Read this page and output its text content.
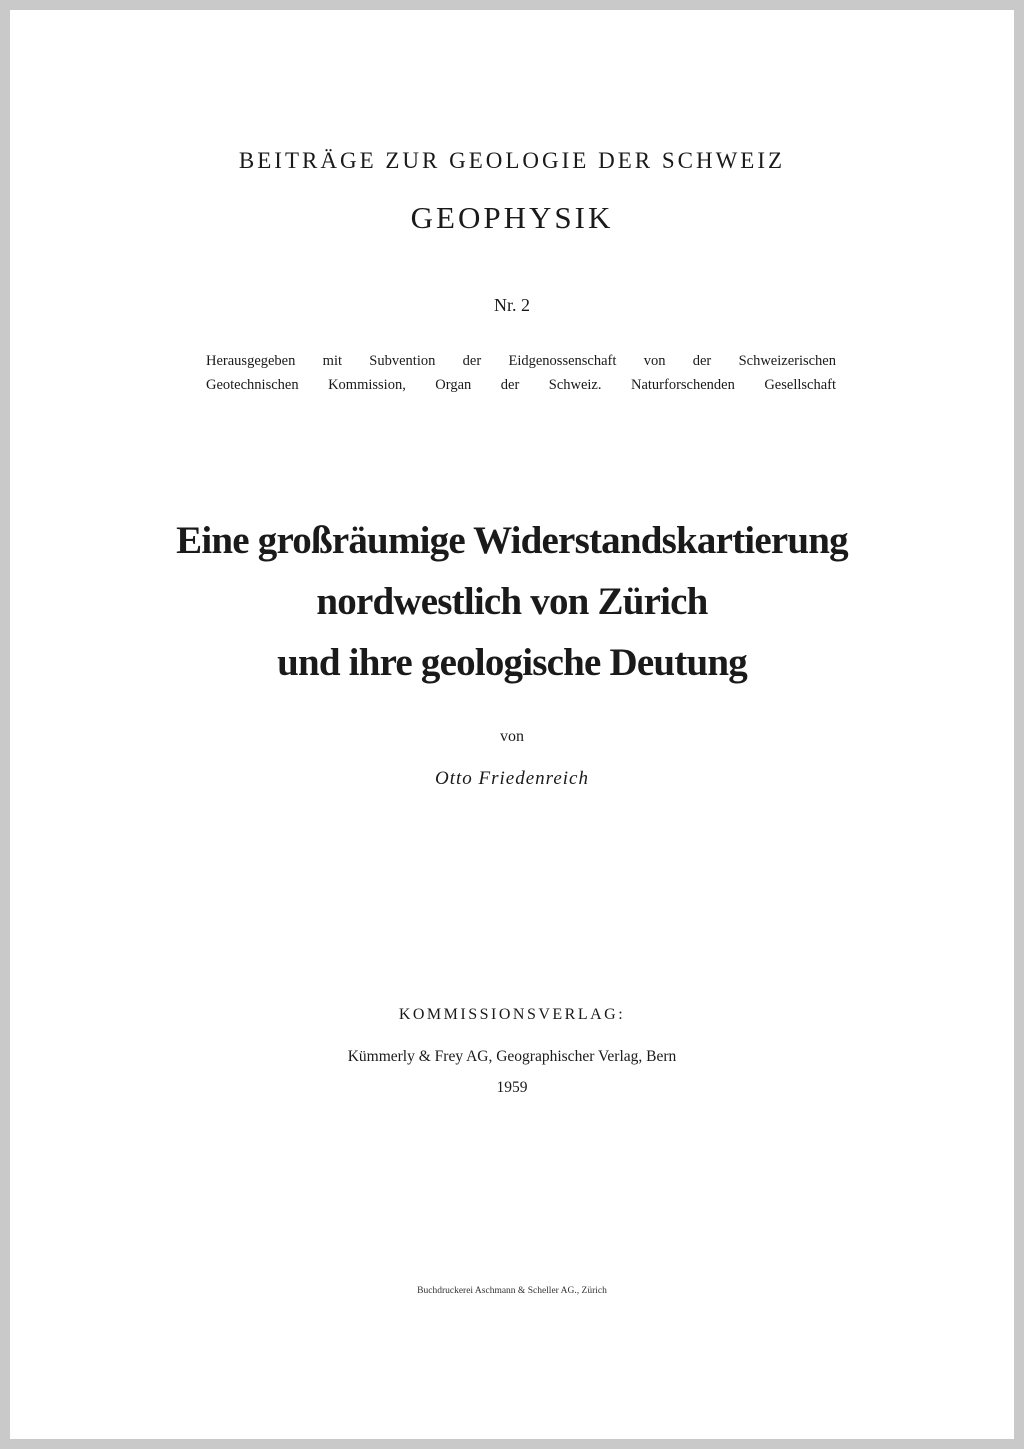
BEITRÄGE ZUR GEOLOGIE DER SCHWEIZ
GEOPHYSIK
Nr. 2
Herausgegeben mit Subvention der Eidgenossenschaft von der Schweizerischen
Geotechnischen Kommission, Organ der Schweiz. Naturforschenden Gesellschaft
Eine großräumige Widerstandskartierung
nordwestlich von Zürich
und ihre geologische Deutung
von
Otto Friedenreich
KOMMISSIONSVERLAG:
Kümmerly & Frey AG, Geographischer Verlag, Bern
1959
Buchdruckerei Aschmann & Scheller AG., Zürich
